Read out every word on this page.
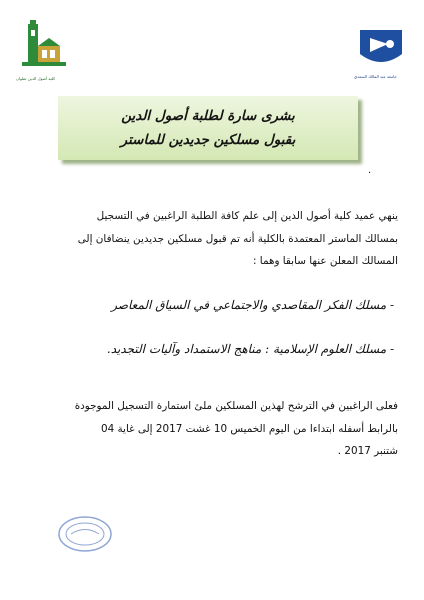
كلية أصول الدين تطوان	جامعة عبد المالك السعدي
بشرى سارة لطلبة أصول الدين
بقبول مسلكين جديدين للماستر
.
ينهي عميد كلية أصول الدين إلى علم كافة الطلبة الراغبين في التسجيل
بمسالك الماستر المعتمدة بالكلية أنه تم قبول مسلكين جديدين ينضافان إلى
المسالك المعلن عنها سابقا وهما :
- مسلك الفكر المقاصدي والاجتماعي في السياق المعاصر
- مسلك العلوم الإسلامية : مناهج الاستمداد وآليات التجديد.
فعلى الراغبين في الترشح لهذين المسلكين ملئ استمارة التسجيل الموجودة
بالرابط أسفله ابتداءا من اليوم الخميس 10 غشت 2017 إلى غاية 04
شتنبر 2017 .
